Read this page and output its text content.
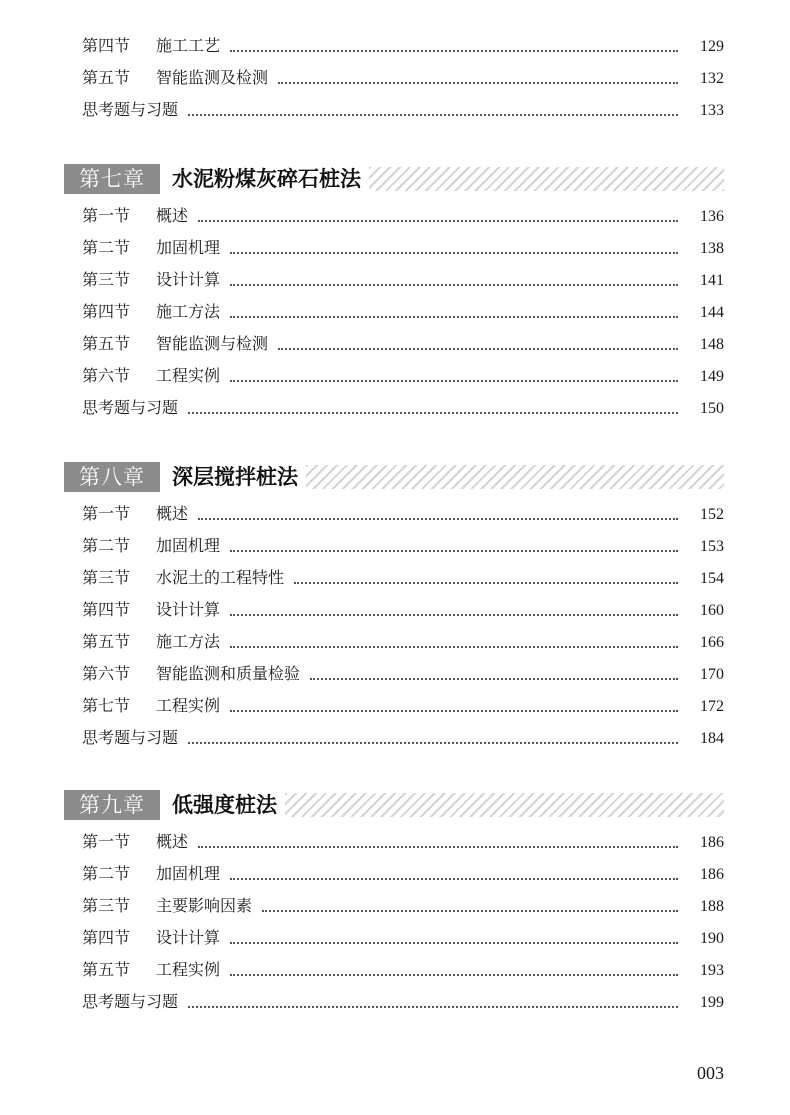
第四节	施工工艺	129
第五节	智能监测及检测	132
思考题与习题	133
第七章	水泥粉煤灰碎石桩法
第一节	概述	136
第二节	加固机理	138
第三节	设计计算	141
第四节	施工方法	144
第五节	智能监测与检测	148
第六节	工程实例	149
思考题与习题	150
第八章	深层搅拌桩法
第一节	概述	152
第二节	加固机理	153
第三节	水泥土的工程特性	154
第四节	设计计算	160
第五节	施工方法	166
第六节	智能监测和质量检验	170
第七节	工程实例	172
思考题与习题	184
第九章	低强度桩法
第一节	概述	186
第二节	加固机理	186
第三节	主要影响因素	188
第四节	设计计算	190
第五节	工程实例	193
思考题与习题	199
003
